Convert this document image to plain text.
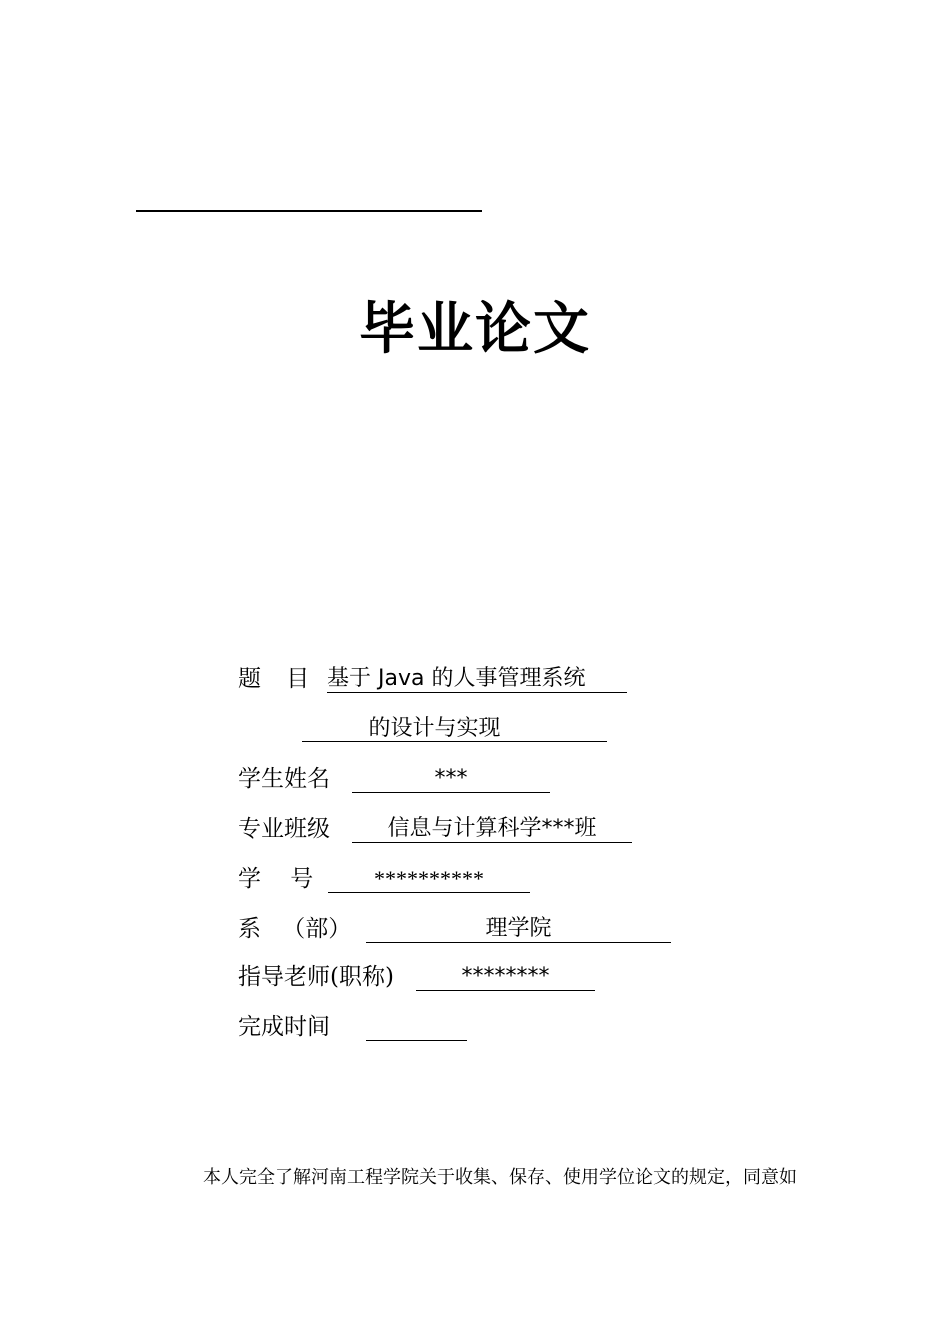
毕业论文
题 目 基于 Java 的人事管理系统
的设计与实现
学生姓名	***
专业班级	信息与计算科学***班
学 号	**********
系 （部）	理学院
指导老师(职称)	********
完成时间
本人完全了解河南工程学院关于收集、保存、使用学位论文的规定，同意如
